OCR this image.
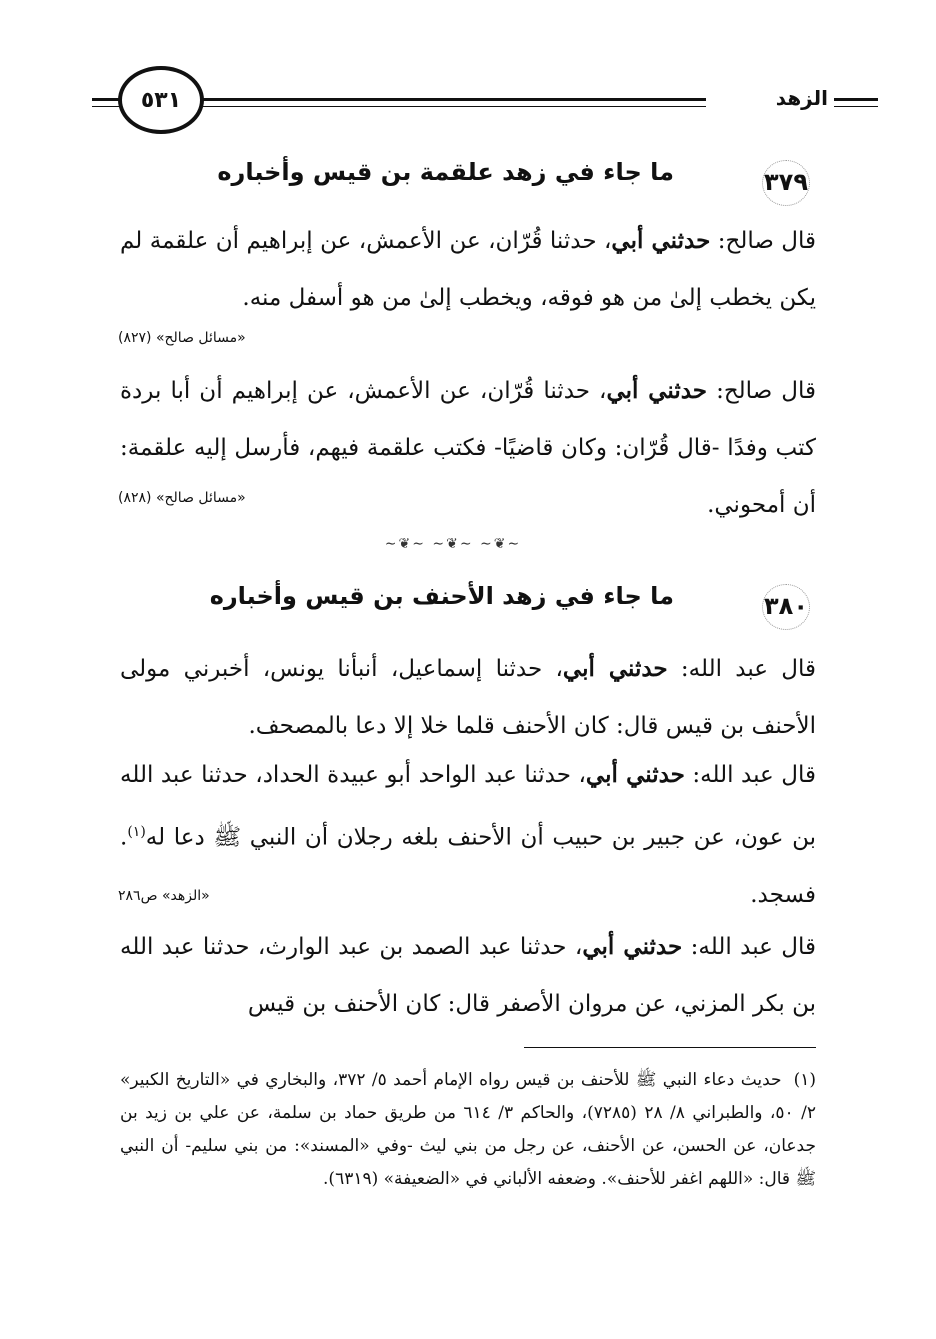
الزهد
٥٣١
٣٧٩
ما جاء في زهد علقمة بن قيس وأخباره
قال صالح: حدثني أبي، حدثنا قُرّان، عن الأعمش، عن إبراهيم أن علقمة لم يكن يخطب إلىٰ من هو فوقه، ويخطب إلىٰ من هو أسفل منه.
«مسائل صالح» (٨٢٧)
قال صالح: حدثني أبي، حدثنا قُرّان، عن الأعمش، عن إبراهيم أن أبا بردة كتب وفدًا -قال قُرّان: وكان قاضيًا- فكتب علقمة فيهم، فأرسل إليه علقمة: أن أمحوني.
«مسائل صالح» (٨٢٨)
∽❦∽ ∽❦∽ ∽❦∽
٣٨٠
ما جاء في زهد الأحنف بن قيس وأخباره
قال عبد الله: حدثني أبي، حدثنا إسماعيل، أنبأنا يونس، أخبرني مولى الأحنف بن قيس قال: كان الأحنف قلما خلا إلا دعا بالمصحف.
قال عبد الله: حدثني أبي، حدثنا عبد الواحد أبو عبيدة الحداد، حدثنا عبد الله بن عون، عن جبير بن حبيب أن الأحنف بلغه رجلان أن النبي ﷺ دعا له$^{(١)}$. فسجد.
«الزهد» ص٢٨٦
قال عبد الله: حدثني أبي، حدثنا عبد الصمد بن عبد الوارث، حدثنا عبد الله بن بكر المزني، عن مروان الأصفر قال: كان الأحنف بن قيس
(١)حديث دعاء النبي ﷺ للأحنف بن قيس رواه الإمام أحمد ٥/ ٣٧٢، والبخاري في «التاريخ الكبير» ٢/ ٥٠، والطبراني ٨/ ٢٨ (٧٢٨٥)، والحاكم ٣/ ٦١٤ من طريق حماد بن سلمة، عن علي بن زيد بن جدعان، عن الحسن، عن الأحنف، عن رجل من بني ليث -وفي «المسند»: من بني سليم- أن النبي ﷺ قال: «اللهم اغفر للأحنف». وضعفه الألباني في «الضعيفة» (٦٣١٩).
